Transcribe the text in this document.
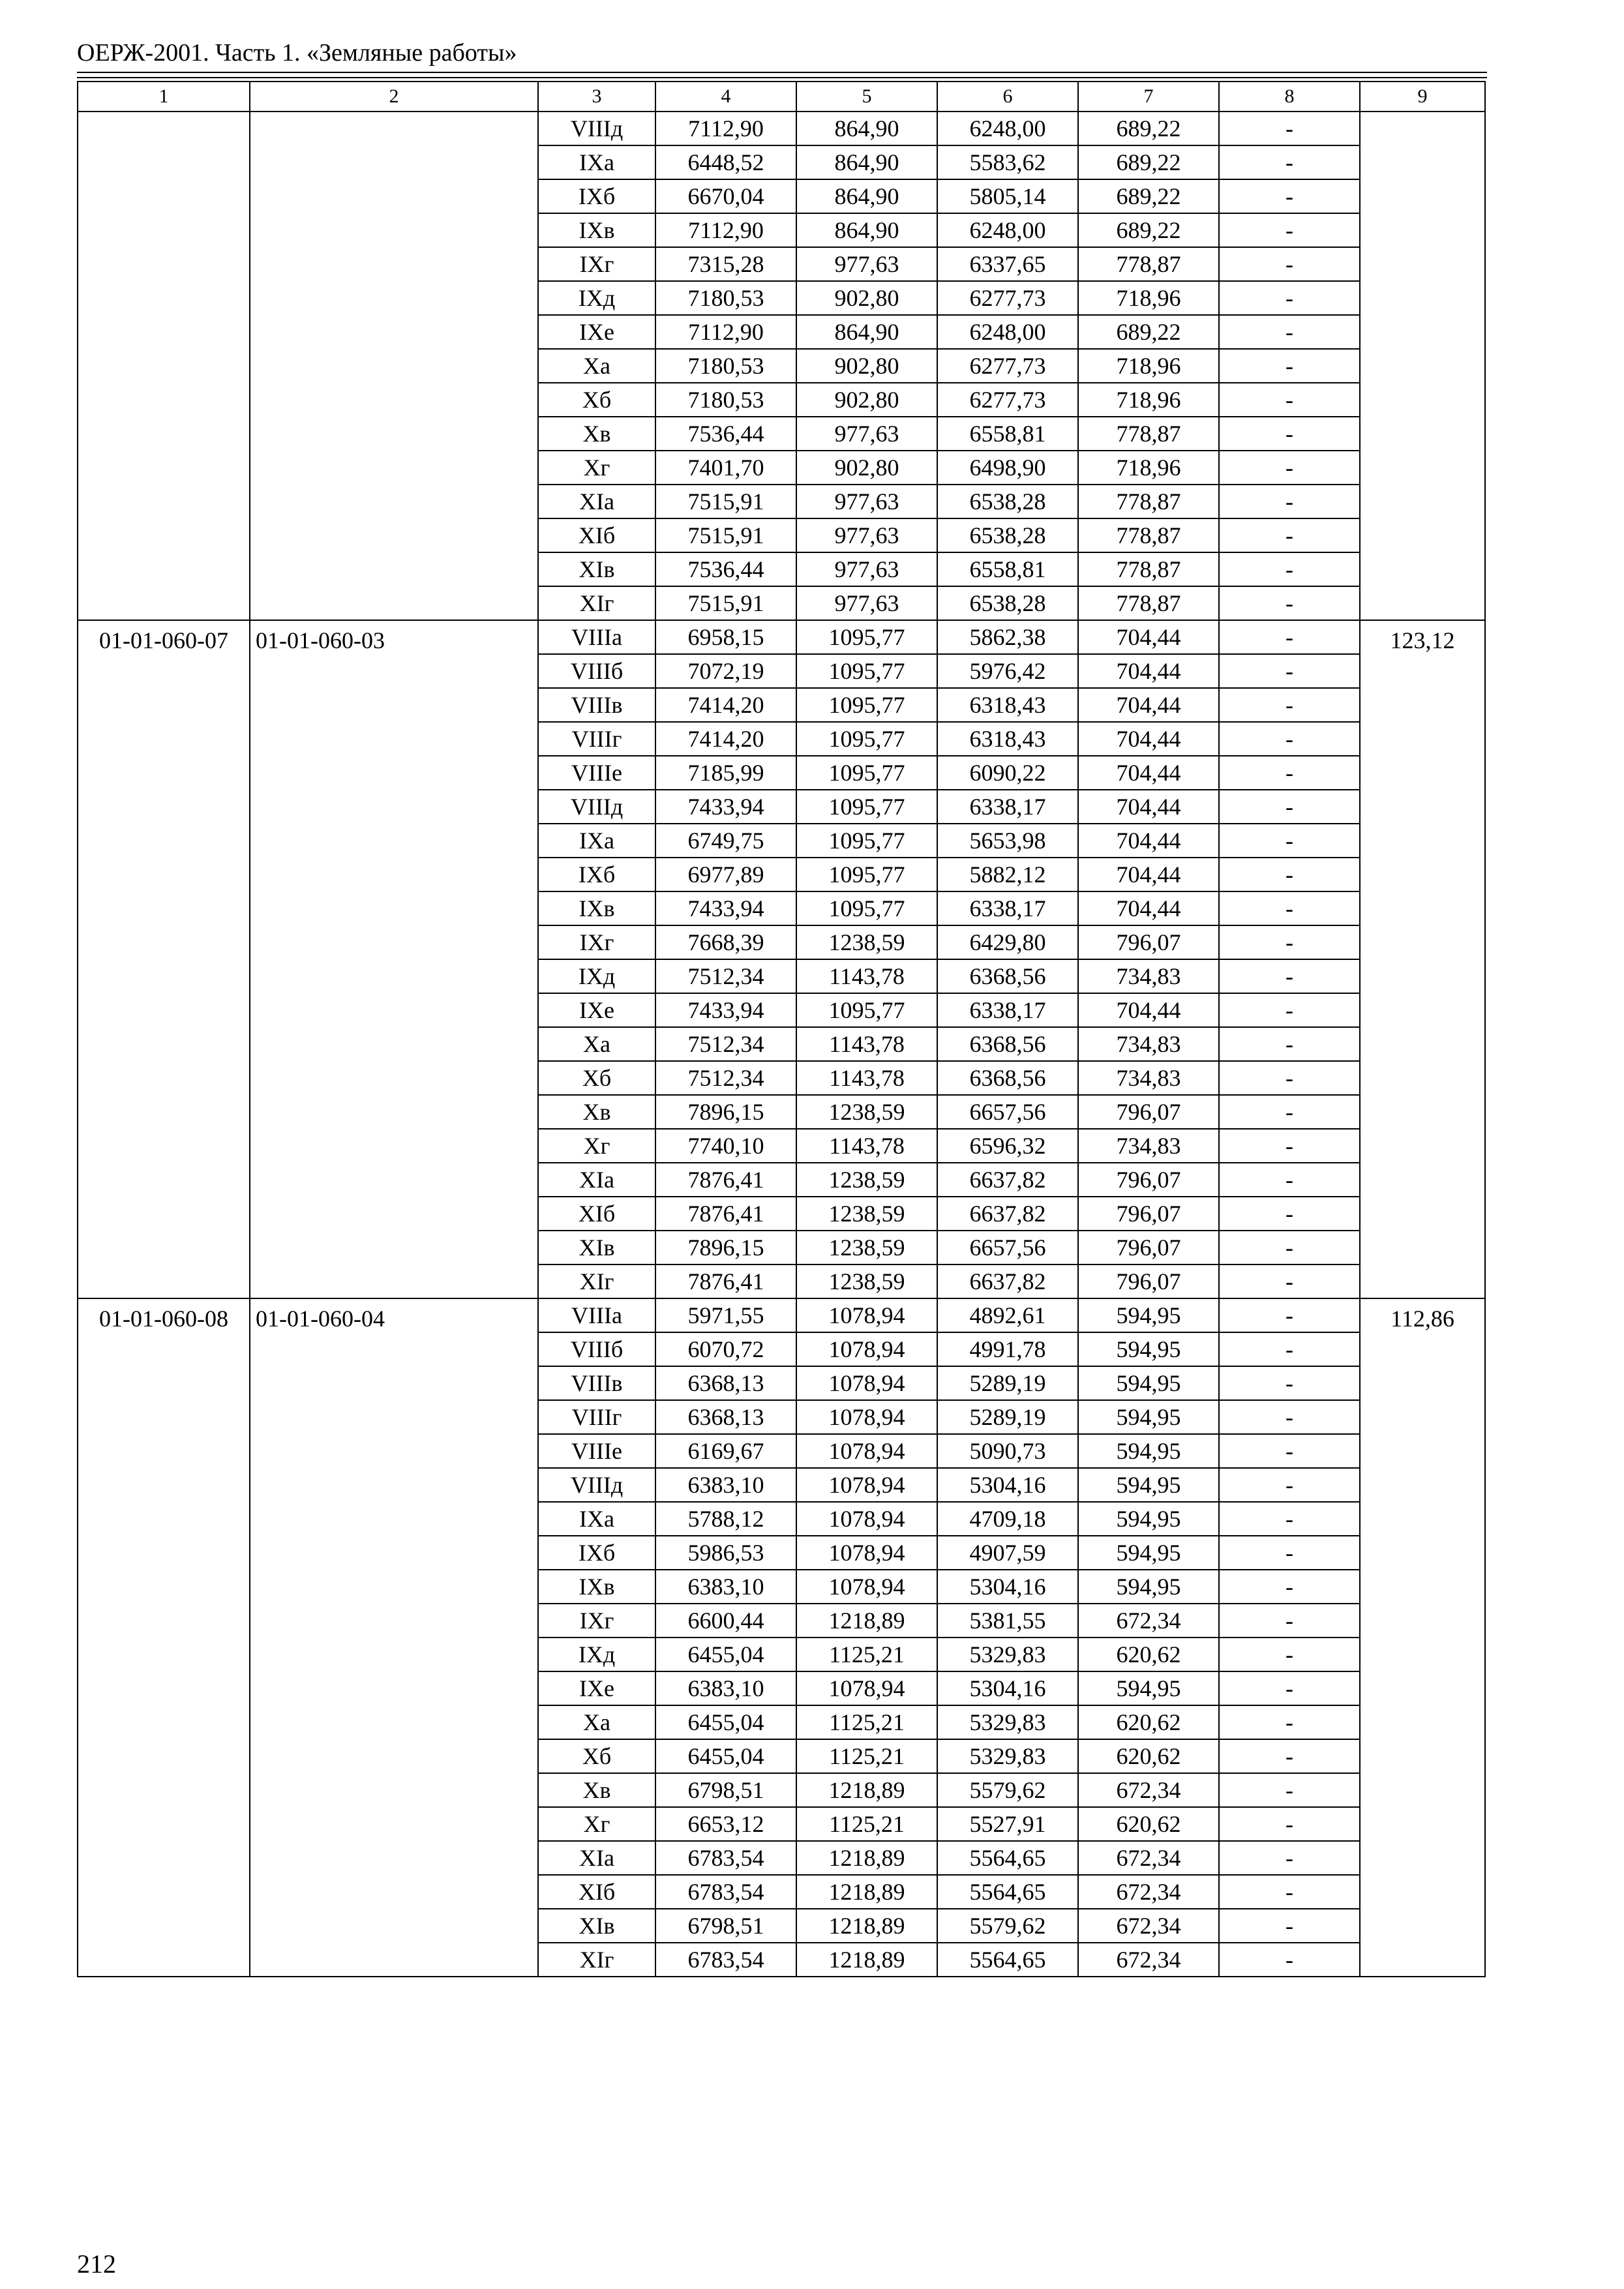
ОЕРЖ-2001. Часть 1. «Земляные работы»
1	2	3	4	5	6	7	8	9
		VIIIд	7112,90	864,90	6248,00	689,22	-	
		IXа	6448,52	864,90	5583,62	689,22	-	
		IXб	6670,04	864,90	5805,14	689,22	-	
		IXв	7112,90	864,90	6248,00	689,22	-	
		IXг	7315,28	977,63	6337,65	778,87	-	
		IXд	7180,53	902,80	6277,73	718,96	-	
		IXе	7112,90	864,90	6248,00	689,22	-	
		Xа	7180,53	902,80	6277,73	718,96	-	
		Xб	7180,53	902,80	6277,73	718,96	-	
		Xв	7536,44	977,63	6558,81	778,87	-	
		Xг	7401,70	902,80	6498,90	718,96	-	
		XIа	7515,91	977,63	6538,28	778,87	-	
		XIб	7515,91	977,63	6538,28	778,87	-	
		XIв	7536,44	977,63	6558,81	778,87	-	
		XIг	7515,91	977,63	6538,28	778,87	-	
01-01-060-07	01-01-060-03	VIIIа	6958,15	1095,77	5862,38	704,44	-	123,12
		VIIIб	7072,19	1095,77	5976,42	704,44	-	
		VIIIв	7414,20	1095,77	6318,43	704,44	-	
		VIIIг	7414,20	1095,77	6318,43	704,44	-	
		VIIIе	7185,99	1095,77	6090,22	704,44	-	
		VIIIд	7433,94	1095,77	6338,17	704,44	-	
		IXа	6749,75	1095,77	5653,98	704,44	-	
		IXб	6977,89	1095,77	5882,12	704,44	-	
		IXв	7433,94	1095,77	6338,17	704,44	-	
		IXг	7668,39	1238,59	6429,80	796,07	-	
		IXд	7512,34	1143,78	6368,56	734,83	-	
		IXе	7433,94	1095,77	6338,17	704,44	-	
		Xа	7512,34	1143,78	6368,56	734,83	-	
		Xб	7512,34	1143,78	6368,56	734,83	-	
		Xв	7896,15	1238,59	6657,56	796,07	-	
		Xг	7740,10	1143,78	6596,32	734,83	-	
		XIа	7876,41	1238,59	6637,82	796,07	-	
		XIб	7876,41	1238,59	6637,82	796,07	-	
		XIв	7896,15	1238,59	6657,56	796,07	-	
		XIг	7876,41	1238,59	6637,82	796,07	-	
01-01-060-08	01-01-060-04	VIIIа	5971,55	1078,94	4892,61	594,95	-	112,86
		VIIIб	6070,72	1078,94	4991,78	594,95	-	
		VIIIв	6368,13	1078,94	5289,19	594,95	-	
		VIIIг	6368,13	1078,94	5289,19	594,95	-	
		VIIIе	6169,67	1078,94	5090,73	594,95	-	
		VIIIд	6383,10	1078,94	5304,16	594,95	-	
		IXа	5788,12	1078,94	4709,18	594,95	-	
		IXб	5986,53	1078,94	4907,59	594,95	-	
		IXв	6383,10	1078,94	5304,16	594,95	-	
		IXг	6600,44	1218,89	5381,55	672,34	-	
		IXд	6455,04	1125,21	5329,83	620,62	-	
		IXе	6383,10	1078,94	5304,16	594,95	-	
		Xа	6455,04	1125,21	5329,83	620,62	-	
		Xб	6455,04	1125,21	5329,83	620,62	-	
		Xв	6798,51	1218,89	5579,62	672,34	-	
		Xг	6653,12	1125,21	5527,91	620,62	-	
		XIа	6783,54	1218,89	5564,65	672,34	-	
		XIб	6783,54	1218,89	5564,65	672,34	-	
		XIв	6798,51	1218,89	5579,62	672,34	-	
		XIг	6783,54	1218,89	5564,65	672,34	-	
212
